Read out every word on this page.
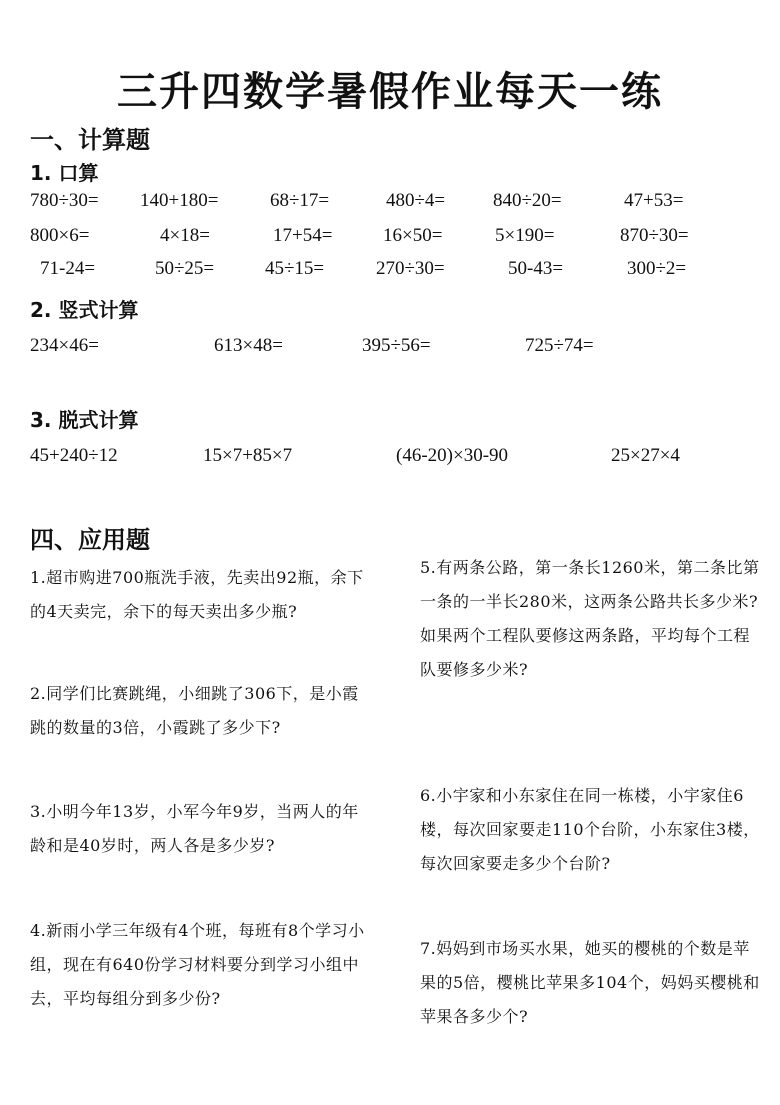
三升四数学暑假作业每天一练
一、计算题
1. 口算
780÷30= 140+180=	68÷17=	480÷4=	840÷20=	47+53=
800×6=	4×18=	17+54=	16×50=	5×190=	870÷30=
71-24=	50÷25=	45÷15=	270÷30=	50-43=	300÷2=
2. 竖式计算
234×46=	613×48=	395÷56=	725÷74=
3. 脱式计算
45+240÷12	15×7+85×7	(46-20)×30-90	25×27×4
四、应用题
1.超市购进700瓶洗手液，先卖出92瓶，余下的4天卖完，余下的每天卖出多少瓶?
2.同学们比赛跳绳，小细跳了306下，是小霞跳的数量的3倍，小霞跳了多少下?
3.小明今年13岁，小军今年9岁，当两人的年龄和是40岁时，两人各是多少岁?
4.新雨小学三年级有4个班，每班有8个学习小组，现在有640份学习材料要分到学习小组中去，平均每组分到多少份?
5.有两条公路，第一条长1260米，第二条比第一条的一半长280米，这两条公路共长多少米?如果两个工程队要修这两条路，平均每个工程队要修多少米?
6.小宇家和小东家住在同一栋楼，小宇家住6楼，每次回家要走110个台阶，小东家住3楼，每次回家要走多少个台阶?
7.妈妈到市场买水果，她买的樱桃的个数是苹果的5倍，樱桃比苹果多104个，妈妈买樱桃和苹果各多少个?
